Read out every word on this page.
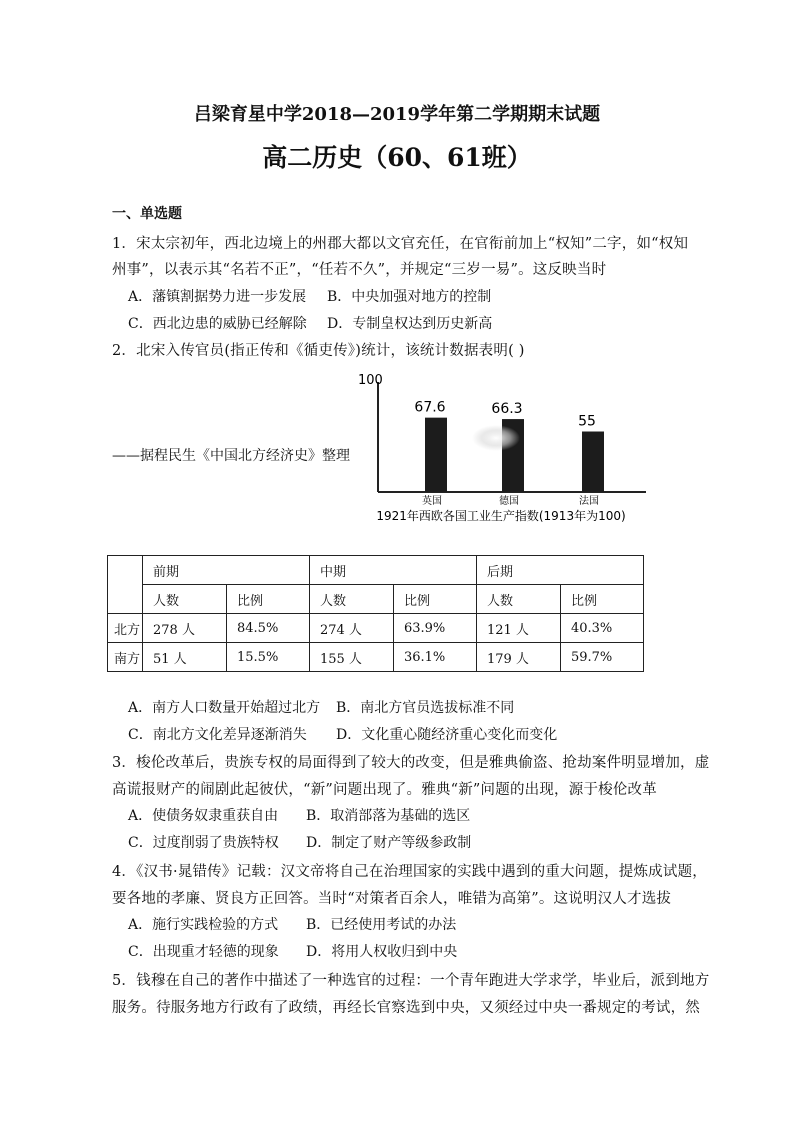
吕梁育星中学2018—2019学年第二学期期末试题
高二历史（60、61班）
一、单选题
1．宋太宗初年，西北边境上的州郡大都以文官充任，在官衔前加上“权知”二字，如“权知
州事”，以表示其“名若不正”，“任若不久”，并规定“三岁一易”。这反映当时
A．藩镇割据势力进一步发展 B．中央加强对地方的控制
C．西北边患的威胁已经解除 D．专制皇权达到历史新高
2．北宋入传官员(指正传和《循吏传》)统计，该统计数据表明( )
——据程民生《中国北方经济史》整理
100
67.6	66.3
55
英国	德国	法国
1921年西欧各国工业生产指数(1913年为100)
	前期		中期		后期	
	人数	比例	人数	比例	人数	比例
北方	278 人	84.5%	274 人	63.9%	121 人	40.3%
南方	51 人	15.5%	155 人	36.1%	179 人	59.7%
A．南方人口数量开始超过北方 B．南北方官员选拔标准不同
C．南北方文化差异逐渐消失 D．文化重心随经济重心变化而变化
3．梭伦改革后，贵族专权的局面得到了较大的改变，但是雅典偷盗、抢劫案件明显增加，虚
高谎报财产的闹剧此起彼伏，“新”问题出现了。雅典“新”问题的出现，源于梭伦改革
A．使债务奴隶重获自由 B．取消部落为基础的选区
C．过度削弱了贵族特权 D．制定了财产等级参政制
4．《汉书·晁错传》记载：汉文帝将自己在治理国家的实践中遇到的重大问题，提炼成试题，
要各地的孝廉、贤良方正回答。当时“对策者百余人，唯错为高第”。这说明汉人才选拔
A．施行实践检验的方式 B．已经使用考试的办法
C．出现重才轻德的现象 D．将用人权收归到中央
5．钱穆在自己的著作中描述了一种选官的过程：一个青年跑进大学求学，毕业后，派到地方
服务。待服务地方行政有了政绩，再经长官察选到中央，又须经过中央一番规定的考试，然
